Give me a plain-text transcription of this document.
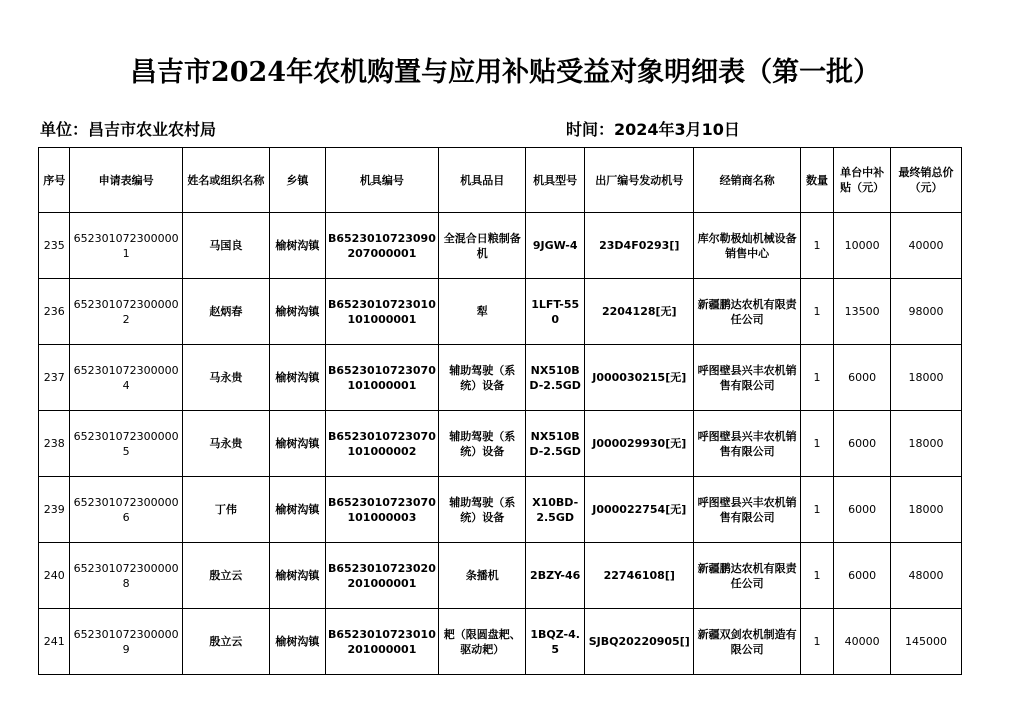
昌吉市2024年农机购置与应用补贴受益对象明细表（第一批）
单位：昌吉市农业农村局	时间：2024年3月10日
序号	申请表编号	姓名或组织名称	乡镇	机具编号	机具品目	机具型号	出厂编号发动机号	经销商名称	数量	单台中补贴（元）	最终销总价（元）
235	6523010723000001	马国良	榆树沟镇	B6523010723090207000001	全混合日粮制备机	9JGW-4	23D4F0293[]	库尔勒极灿机械设备销售中心	1	10000	40000
236	6523010723000002	赵炳春	榆树沟镇	B6523010723010101000001	犁	1LFT-550	2204128[无]	新疆鹏达农机有限责任公司	1	13500	98000
237	6523010723000004	马永贵	榆树沟镇	B6523010723070101000001	辅助驾驶（系统）设备	NX510BD-2.5GD	J000030215[无]	呼图壁县兴丰农机销售有限公司	1	6000	18000
238	6523010723000005	马永贵	榆树沟镇	B6523010723070101000002	辅助驾驶（系统）设备	NX510BD-2.5GD	J000029930[无]	呼图壁县兴丰农机销售有限公司	1	6000	18000
239	6523010723000006	丁伟	榆树沟镇	B6523010723070101000003	辅助驾驶（系统）设备	X10BD-2.5GD	J000022754[无]	呼图壁县兴丰农机销售有限公司	1	6000	18000
240	6523010723000008	殷立云	榆树沟镇	B6523010723020201000001	条播机	2BZY-46	22746108[]	新疆鹏达农机有限责任公司	1	6000	48000
241	6523010723000009	殷立云	榆树沟镇	B6523010723010201000001	耙（限圆盘耙、驱动耙）	1BQZ-4.5	SJBQ20220905[]	新疆双剑农机制造有限公司	1	40000	145000
